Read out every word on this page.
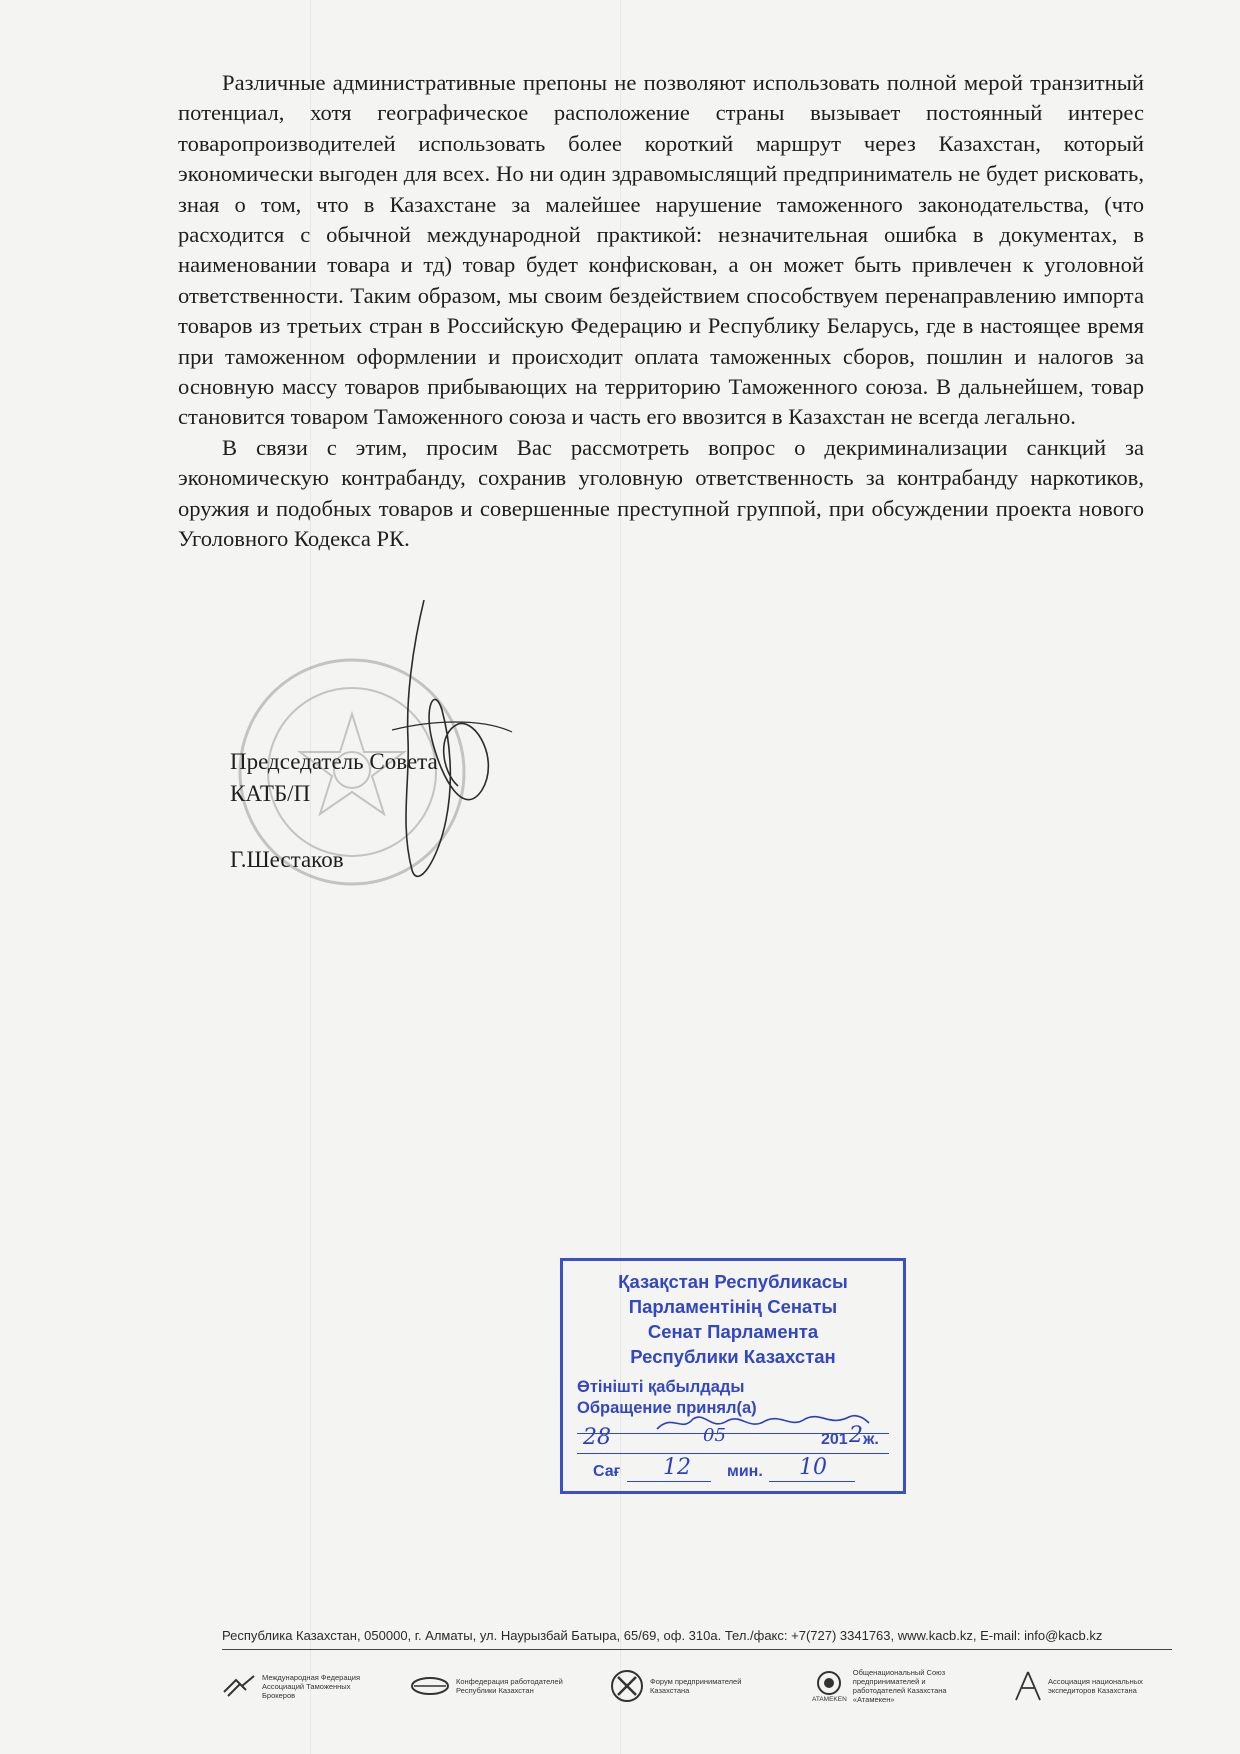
Различные административные препоны не позволяют использовать полной мерой транзитный потенциал, хотя географическое расположение страны вызывает постоянный интерес товаропроизводителей использовать более короткий маршрут через Казахстан, который экономически выгоден для всех. Но ни один здравомыслящий предприниматель не будет рисковать, зная о том, что в Казахстане за малейшее нарушение таможенного законодательства, (что расходится с обычной международной практикой: незначительная ошибка в документах, в наименовании товара и тд) товар будет конфискован, а он может быть привлечен к уголовной ответственности. Таким образом, мы своим бездействием способствуем перенаправлению импорта товаров из третьих стран в Российскую Федерацию и Республику Беларусь, где в настоящее время при таможенном оформлении и происходит оплата таможенных сборов, пошлин и налогов за основную массу товаров прибывающих на территорию Таможенного союза. В дальнейшем, товар становится товаром Таможенного союза и часть его ввозится в Казахстан не всегда легально.

В связи с этим, просим Вас рассмотреть вопрос о декриминализации санкций за экономическую контрабанду, сохранив уголовную ответственность за контрабанду наркотиков, оружия и подобных товаров и совершенные преступной группой, при обсуждении проекта нового Уголовного Кодекса РК.

Председатель Совета
КАТБ/П
Г.Шестаков
Қазақстан Республикасы
Парламентінің Сенаты
Сенат Парламента
Республики Казахстан
Өтінішті қабылдады
Обращение принял(а)
28	05	201 2 ж.
Сағ 12 мин. 10
Республика Казахстан, 050000, г. Алматы, ул. Наурызбай Батыра, 65/69, оф. 310а. Тел./факс: +7(727) 3341763, www.kacb.kz, E-mail: info@kacb.kz
Международная Федерация Ассоциаций Таможенных Брокеров
Конфедерация работодателей Республики Казахстан
Форум предпринимателей Казахстана
ATAMEKEN
Общенациональный Союз предпринимателей и работодателей Казахстана «Атамекен»
Ассоциация национальных экспедиторов Казахстана
